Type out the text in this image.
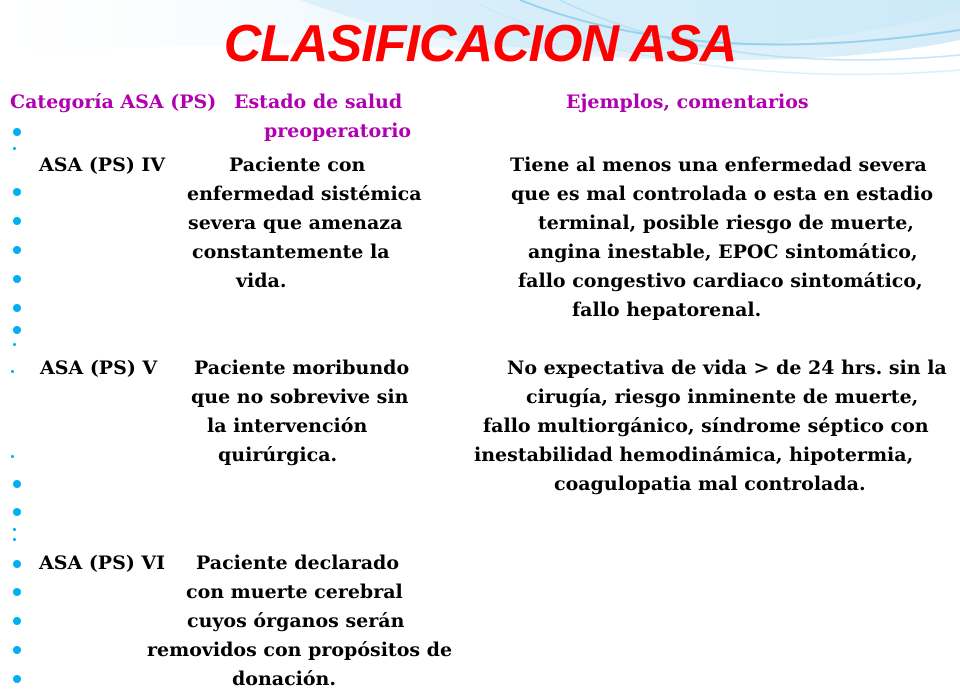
CLASIFICACION ASA
Categoría ASA (PS) Estado de salud
preoperatorio
Ejemplos, comentarios
ASA (PS) IV	Paciente con
enfermedad sistémica
severa que amenaza
constantemente la
vida.
Tiene al menos una enfermedad severa
que es mal controlada o esta en estadio
terminal, posible riesgo de muerte,
angina inestable, EPOC sintomático,
fallo congestivo cardiaco sintomático,
fallo hepatorenal.
ASA (PS) V Paciente moribundo
que no sobrevive sin
la intervención
quirúrgica.
No expectativa de vida > de 24 hrs. sin la
cirugía, riesgo inminente de muerte,
fallo multiorgánico, síndrome séptico con
inestabilidad hemodinámica, hipotermia,
coagulopatia mal controlada.
ASA (PS) VI Paciente declarado
con muerte cerebral
cuyos órganos serán
removidos con propósitos de
donación.
